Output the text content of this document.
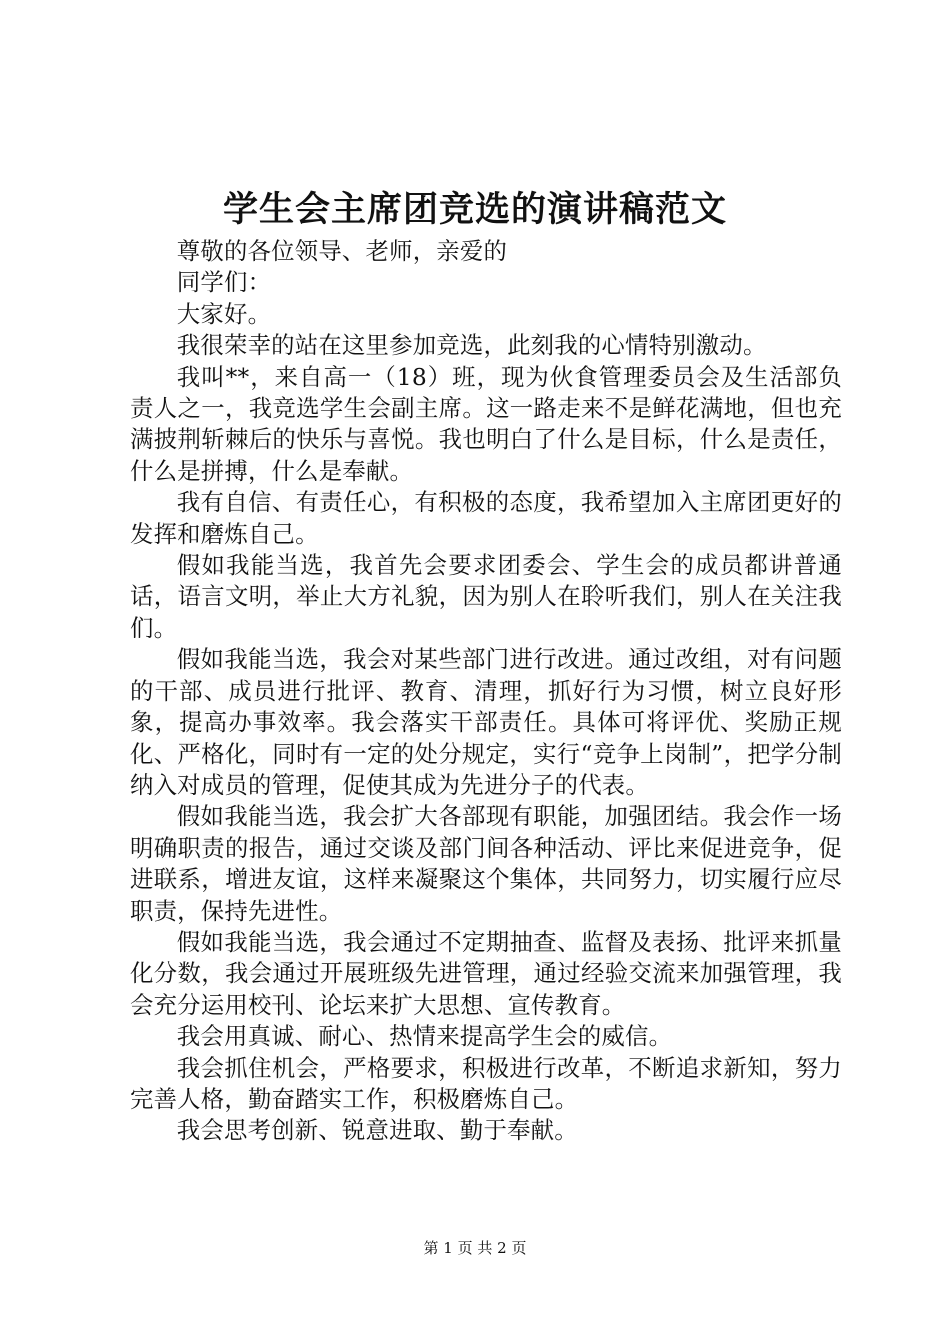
学生会主席团竞选的演讲稿范文

尊敬的各位领导、老师，亲爱的

同学们：

大家好。

我很荣幸的站在这里参加竞选，此刻我的心情特别激动。

我叫**，来自高一（18）班，现为伙食管理委员会及生活部负责人之一，我竞选学生会副主席。这一路走来不是鲜花满地，但也充满披荆斩棘后的快乐与喜悦。我也明白了什么是目标，什么是责任，什么是拼搏，什么是奉献。

我有自信、有责任心，有积极的态度，我希望加入主席团更好的发挥和磨炼自己。

假如我能当选，我首先会要求团委会、学生会的成员都讲普通话，语言文明，举止大方礼貌，因为别人在聆听我们，别人在关注我们。

假如我能当选，我会对某些部门进行改进。通过改组，对有问题的干部、成员进行批评、教育、清理，抓好行为习惯，树立良好形象，提高办事效率。我会落实干部责任。具体可将评优、奖励正规化、严格化，同时有一定的处分规定，实行“竞争上岗制”，把学分制纳入对成员的管理，促使其成为先进分子的代表。

假如我能当选，我会扩大各部现有职能，加强团结。我会作一场明确职责的报告，通过交谈及部门间各种活动、评比来促进竞争，促进联系，增进友谊，这样来凝聚这个集体，共同努力，切实履行应尽职责，保持先进性。

假如我能当选，我会通过不定期抽查、监督及表扬、批评来抓量化分数，我会通过开展班级先进管理，通过经验交流来加强管理，我会充分运用校刊、论坛来扩大思想、宣传教育。

我会用真诚、耐心、热情来提高学生会的威信。

我会抓住机会，严格要求，积极进行改革，不断追求新知，努力完善人格，勤奋踏实工作，积极磨炼自己。

我会思考创新、锐意进取、勤于奉献。

第 1 页 共 2 页
